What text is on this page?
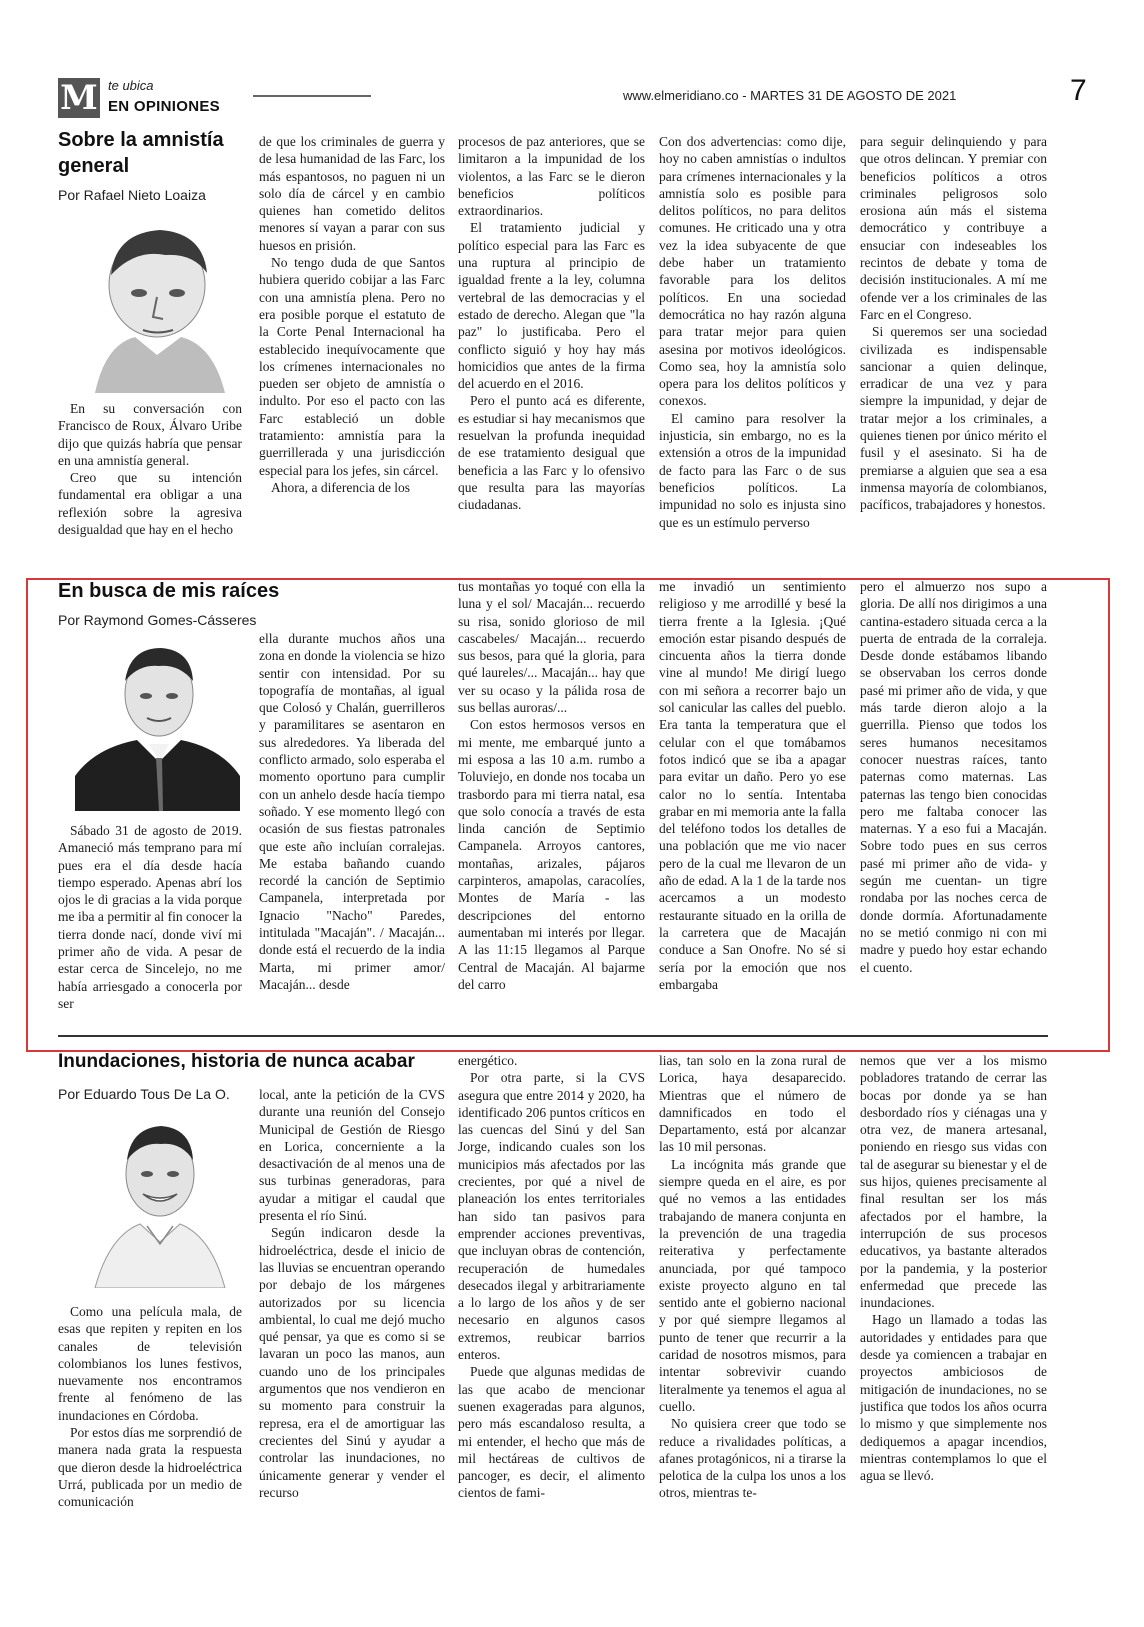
M te ubica
EN OPINIONES
www.elmeridiano.co - MARTES 31 DE AGOSTO DE 2021	7
Sobre la amnistía general
Por Rafael Nieto Loaiza

En su conversación con Francisco de Roux, Álvaro Uribe dijo que quizás habría que pensar en una amnistía general.

Creo que su intención fundamental era obligar a una reflexión sobre la agresiva desigualdad que hay en el hecho

de que los criminales de guerra y de lesa humanidad de las Farc, los más espantosos, no paguen ni un solo día de cárcel y en cambio quienes han cometido delitos menores sí vayan a parar con sus huesos en prisión.

No tengo duda de que Santos hubiera querido cobijar a las Farc con una amnistía plena. Pero no era posible porque el estatuto de la Corte Penal Internacional ha establecido inequívocamente que los crímenes internacionales no pueden ser objeto de amnistía o indulto. Por eso el pacto con las Farc estableció un doble tratamiento: amnistía para la guerrillerada y una jurisdicción especial para los jefes, sin cárcel.

Ahora, a diferencia de los

procesos de paz anteriores, que se limitaron a la impunidad de los violentos, a las Farc se le dieron beneficios políticos extraordinarios.

El tratamiento judicial y político especial para las Farc es una ruptura al principio de igualdad frente a la ley, columna vertebral de las democracias y el estado de derecho. Alegan que "la paz" lo justificaba. Pero el conflicto siguió y hoy hay más homicidios que antes de la firma del acuerdo en el 2016.

Pero el punto acá es diferente, es estudiar si hay mecanismos que resuelvan la profunda inequidad de ese tratamiento desigual que beneficia a las Farc y lo ofensivo que resulta para las mayorías ciudadanas.

Con dos advertencias: como dije, hoy no caben amnistías o indultos para crímenes internacionales y la amnistía solo es posible para delitos políticos, no para delitos comunes. He criticado una y otra vez la idea subyacente de que debe haber un tratamiento favorable para los delitos políticos. En una sociedad democrática no hay razón alguna para tratar mejor para quien asesina por motivos ideológicos. Como sea, hoy la amnistía solo opera para los delitos políticos y conexos.

El camino para resolver la injusticia, sin embargo, no es la extensión a otros de la impunidad de facto para las Farc o de sus beneficios políticos. La impunidad no solo es injusta sino que es un estímulo perverso

para seguir delinquiendo y para que otros delincan. Y premiar con beneficios políticos a otros criminales peligrosos solo erosiona aún más el sistema democrático y contribuye a ensuciar con indeseables los recintos de debate y toma de decisión institucionales. A mí me ofende ver a los criminales de las Farc en el Congreso.

Si queremos ser una sociedad civilizada es indispensable sancionar a quien delinque, erradicar de una vez y para siempre la impunidad, y dejar de tratar mejor a los criminales, a quienes tienen por único mérito el fusil y el asesinato. Si ha de premiarse a alguien que sea a esa inmensa mayoría de colombianos, pacíficos, trabajadores y honestos.

En busca de mis raíces
Por Raymond Gomes-Cásseres

Sábado 31 de agosto de 2019. Amaneció más temprano para mí pues era el día desde hacía tiempo esperado. Apenas abrí los ojos le di gracias a la vida porque me iba a permitir al fin conocer la tierra donde nací, donde viví mi primer año de vida. A pesar de estar cerca de Sincelejo, no me había arriesgado a conocerla por ser

ella durante muchos años una zona en donde la violencia se hizo sentir con intensidad. Por su topografía de montañas, al igual que Colosó y Chalán, guerrilleros y paramilitares se asentaron en sus alrededores. Ya liberada del conflicto armado, solo esperaba el momento oportuno para cumplir con un anhelo desde hacía tiempo soñado. Y ese momento llegó con ocasión de sus fiestas patronales que este año incluían corralejas. Me estaba bañando cuando recordé la canción de Septimio Campanela, interpretada por Ignacio "Nacho" Paredes, intitulada "Macaján". / Macaján... donde está el recuerdo de la india Marta, mi primer amor/ Macaján... desde

tus montañas yo toqué con ella la luna y el sol/ Macaján... recuerdo su risa, sonido glorioso de mil cascabeles/ Macaján... recuerdo sus besos, para qué la gloria, para qué laureles/... Macaján... hay que ver su ocaso y la pálida rosa de sus bellas auroras/...

Con estos hermosos versos en mi mente, me embarqué junto a mi esposa a las 10 a.m. rumbo a Toluviejo, en donde nos tocaba un trasbordo para mi tierra natal, esa que solo conocía a través de esta linda canción de Septimio Campanela. Arroyos cantores, montañas, arizales, pájaros carpinteros, amapolas, caracolíes, Montes de María - las descripciones del entorno aumentaban mi interés por llegar. A las 11:15 llegamos al Parque Central de Macaján. Al bajarme del carro

me invadió un sentimiento religioso y me arrodillé y besé la tierra frente a la Iglesia. ¡Qué emoción estar pisando después de cincuenta años la tierra donde vine al mundo! Me dirigí luego con mi señora a recorrer bajo un sol canicular las calles del pueblo. Era tanta la temperatura que el celular con el que tomábamos fotos indicó que se iba a apagar para evitar un daño. Pero yo ese calor no lo sentía. Intentaba grabar en mi memoria ante la falla del teléfono todos los detalles de una población que me vio nacer pero de la cual me llevaron de un año de edad. A la 1 de la tarde nos acercamos a un modesto restaurante situado en la orilla de la carretera que de Macaján conduce a San Onofre. No sé si sería por la emoción que nos embargaba

pero el almuerzo nos supo a gloria. De allí nos dirigimos a una cantina-estadero situada cerca a la puerta de entrada de la corraleja. Desde donde estábamos libando se observaban los cerros donde pasé mi primer año de vida, y que más tarde dieron alojo a la guerrilla. Pienso que todos los seres humanos necesitamos conocer nuestras raíces, tanto paternas como maternas. Las paternas las tengo bien conocidas pero me faltaba conocer las maternas. Y a eso fui a Macaján. Sobre todo pues en sus cerros pasé mi primer año de vida- y según me cuentan- un tigre rondaba por las noches cerca de donde dormía. Afortunadamente no se metió conmigo ni con mi madre y puedo hoy estar echando el cuento.

Inundaciones, historia de nunca acabar
Por Eduardo Tous De La O.

Como una película mala, de esas que repiten y repiten en los canales de televisión colombianos los lunes festivos, nuevamente nos encontramos frente al fenómeno de las inundaciones en Córdoba.

Por estos días me sorprendió de manera nada grata la respuesta que dieron desde la hidroeléctrica Urrá, publicada por un medio de comunicación

local, ante la petición de la CVS durante una reunión del Consejo Municipal de Gestión de Riesgo en Lorica, concerniente a la desactivación de al menos una de sus turbinas generadoras, para ayudar a mitigar el caudal que presenta el río Sinú.

Según indicaron desde la hidroeléctrica, desde el inicio de las lluvias se encuentran operando por debajo de los márgenes autorizados por su licencia ambiental, lo cual me dejó mucho qué pensar, ya que es como si se lavaran un poco las manos, aun cuando uno de los principales argumentos que nos vendieron en su momento para construir la represa, era el de amortiguar las crecientes del Sinú y ayudar a controlar las inundaciones, no únicamente generar y vender el recurso

energético.

Por otra parte, si la CVS asegura que entre 2014 y 2020, ha identificado 206 puntos críticos en las cuencas del Sinú y del San Jorge, indicando cuales son los municipios más afectados por las crecientes, por qué a nivel de planeación los entes territoriales han sido tan pasivos para emprender acciones preventivas, que incluyan obras de contención, recuperación de humedales desecados ilegal y arbitrariamente a lo largo de los años y de ser necesario en algunos casos extremos, reubicar barrios enteros.

Puede que algunas medidas de las que acabo de mencionar suenen exageradas para algunos, pero más escandaloso resulta, a mi entender, el hecho que más de mil hectáreas de cultivos de pancoger, es decir, el alimento cientos de fami-

lias, tan solo en la zona rural de Lorica, haya desaparecido. Mientras que el número de damnificados en todo el Departamento, está por alcanzar las 10 mil personas.

La incógnita más grande que siempre queda en el aire, es por qué no vemos a las entidades trabajando de manera conjunta en la prevención de una tragedia reiterativa y perfectamente anunciada, por qué tampoco existe proyecto alguno en tal sentido ante el gobierno nacional y por qué siempre llegamos al punto de tener que recurrir a la caridad de nosotros mismos, para intentar sobrevivir cuando literalmente ya tenemos el agua al cuello.

No quisiera creer que todo se reduce a rivalidades políticas, a afanes protagónicos, ni a tirarse la pelotica de la culpa los unos a los otros, mientras te-

nemos que ver a los mismo pobladores tratando de cerrar las bocas por donde ya se han desbordado ríos y ciénagas una y otra vez, de manera artesanal, poniendo en riesgo sus vidas con tal de asegurar su bienestar y el de sus hijos, quienes precisamente al final resultan ser los más afectados por el hambre, la interrupción de sus procesos educativos, ya bastante alterados por la pandemia, y la posterior enfermedad que precede las inundaciones.

Hago un llamado a todas las autoridades y entidades para que desde ya comiencen a trabajar en proyectos ambiciosos de mitigación de inundaciones, no se justifica que todos los años ocurra lo mismo y que simplemente nos dediquemos a apagar incendios, mientras contemplamos lo que el agua se llevó.
